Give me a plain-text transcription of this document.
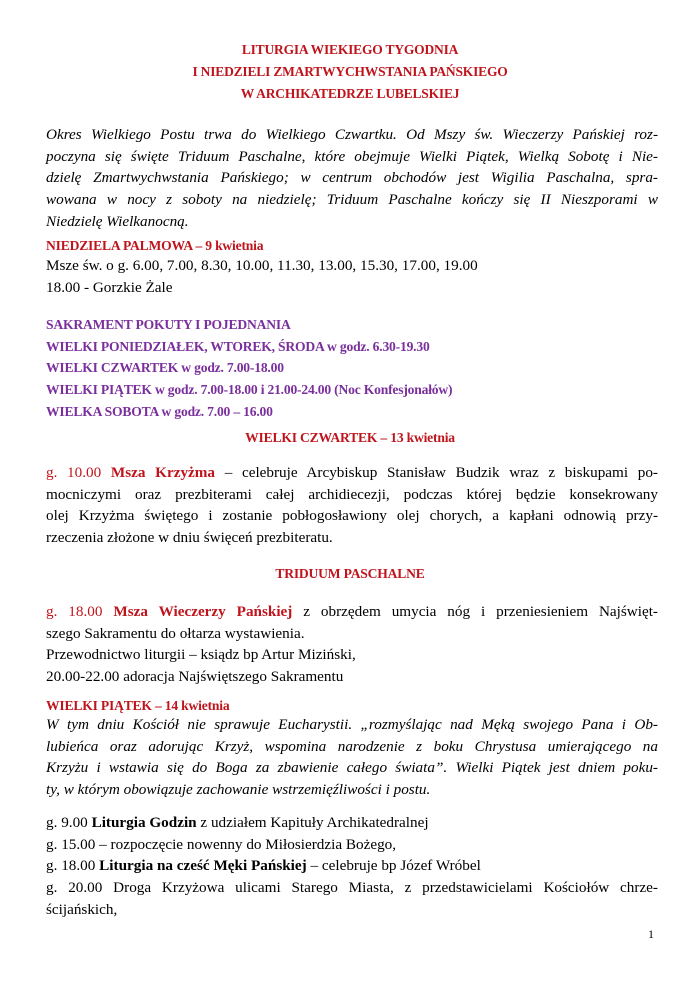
LITURGIA WIEKIEGO TYGODNIA
I NIEDZIELI ZMARTWYCHWSTANIA PAŃSKIEGO
W ARCHIKATEDRZE LUBELSKIEJ
Okres Wielkiego Postu trwa do Wielkiego Czwartku. Od Mszy św. Wieczerzy Pańskiej roz-
poczyna się święte Triduum Paschalne, które obejmuje Wielki Piątek, Wielką Sobotę i Nie-
dzielę Zmartwychwstania Pańskiego; w centrum obchodów jest Wigilia Paschalna, spra-
wowana w nocy z soboty na niedzielę; Triduum Paschalne kończy się II Nieszporami w
Niedzielę Wielkanocną.
NIEDZIELA PALMOWA – 9 kwietnia
Msze św. o g. 6.00, 7.00, 8.30, 10.00, 11.30, 13.00, 15.30, 17.00, 19.00
18.00 - Gorzkie Żale
SAKRAMENT POKUTY I POJEDNANIA
WIELKI PONIEDZIAŁEK, WTOREK, ŚRODA w godz. 6.30-19.30
WIELKI CZWARTEK w godz. 7.00-18.00
WIELKI PIĄTEK w godz. 7.00-18.00 i 21.00-24.00 (Noc Konfesjonałów)
WIELKA SOBOTA w godz. 7.00 – 16.00
WIELKI CZWARTEK – 13 kwietnia
g. 10.00 Msza Krzyżma – celebruje Arcybiskup Stanisław Budzik wraz z biskupami po-
mocniczymi oraz prezbiterami całej archidiecezji, podczas której będzie konsekrowany
olej Krzyżma świętego i zostanie pobłogosławiony olej chorych, a kapłani odnowią przy-
rzeczenia złożone w dniu święceń prezbiteratu.
TRIDUUM PASCHALNE
g. 18.00 Msza Wieczerzy Pańskiej z obrzędem umycia nóg i przeniesieniem Najświęt-
szego Sakramentu do ołtarza wystawienia.
Przewodnictwo liturgii – ksiądz bp Artur Miziński,
20.00-22.00 adoracja Najświętszego Sakramentu
WIELKI PIĄTEK – 14 kwietnia
W tym dniu Kościół nie sprawuje Eucharystii. „rozmyślając nad Męką swojego Pana i Ob-
lubieńca oraz adorując Krzyż, wspomina narodzenie z boku Chrystusa umierającego na
Krzyżu i wstawia się do Boga za zbawienie całego świata”. Wielki Piątek jest dniem poku-
ty, w którym obowiązuje zachowanie wstrzemięźliwości i postu.
g. 9.00 Liturgia Godzin z udziałem Kapituły Archikatedralnej
g. 15.00 – rozpoczęcie nowenny do Miłosierdzia Bożego,
g. 18.00 Liturgia na cześć Męki Pańskiej – celebruje bp Józef Wróbel
g. 20.00 Droga Krzyżowa ulicami Starego Miasta, z przedstawicielami Kościołów chrze-
ścijańskich,
1
